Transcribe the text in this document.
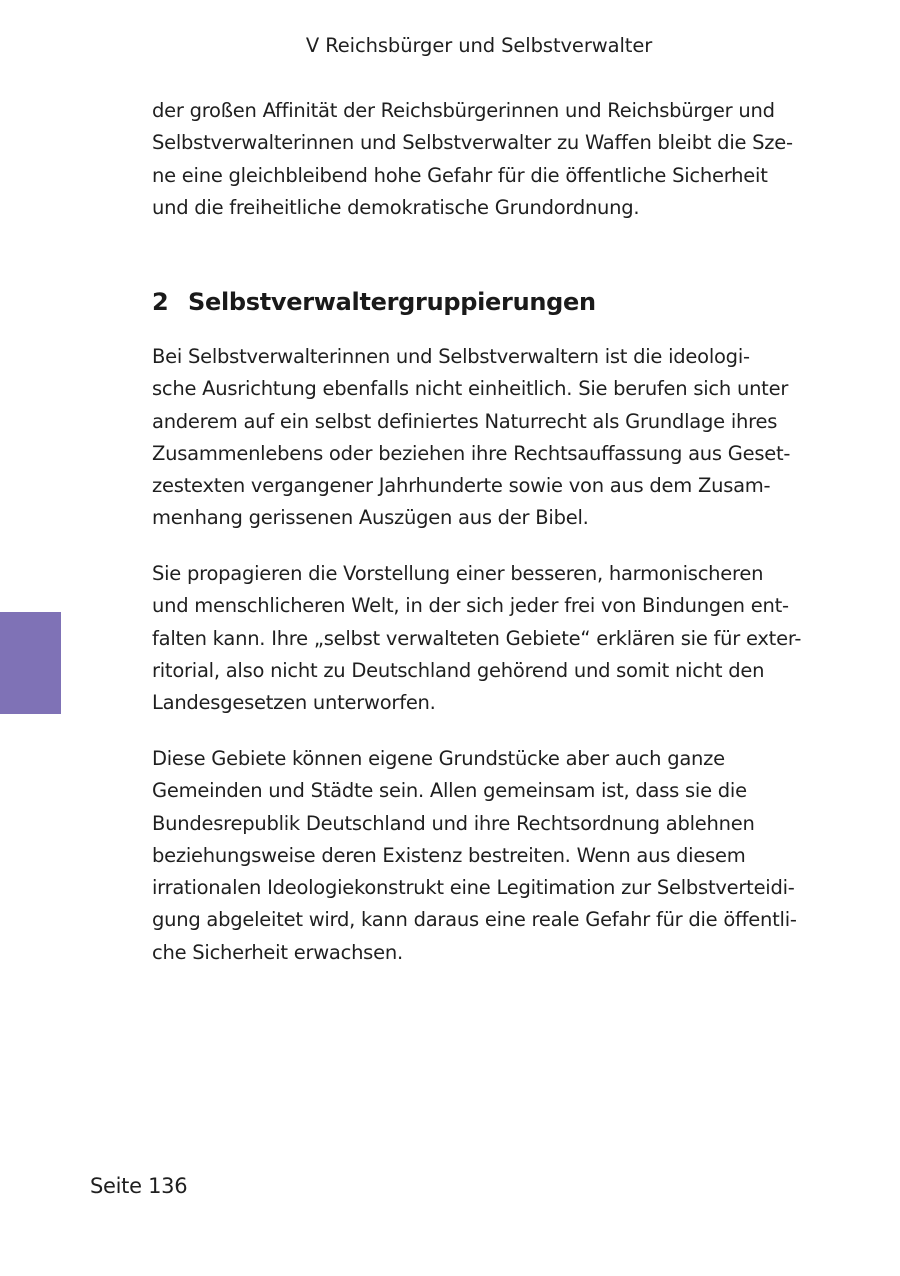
V Reichsbürger und Selbstverwalter
der großen Affinität der Reichsbürgerinnen und Reichsbürger und
Selbstverwalterinnen und Selbstverwalter zu Waffen bleibt die Sze-
ne eine gleichbleibend hohe Gefahr für die öffentliche Sicherheit
und die freiheitliche demokratische Grundordnung.
2 Selbstverwaltergruppierungen
Bei Selbstverwalterinnen und Selbstverwaltern ist die ideologi-
sche Ausrichtung ebenfalls nicht einheitlich. Sie berufen sich unter
anderem auf ein selbst definiertes Naturrecht als Grundlage ihres
Zusammenlebens oder beziehen ihre Rechtsauffassung aus Geset-
zestexten vergangener Jahrhunderte sowie von aus dem Zusam-
menhang gerissenen Auszügen aus der Bibel.
Sie propagieren die Vorstellung einer besseren, harmonischeren
und menschlicheren Welt, in der sich jeder frei von Bindungen ent-
falten kann. Ihre „selbst verwalteten Gebiete“ erklären sie für exter-
ritorial, also nicht zu Deutschland gehörend und somit nicht den
Landesgesetzen unterworfen.
Diese Gebiete können eigene Grundstücke aber auch ganze
Gemeinden und Städte sein. Allen gemeinsam ist, dass sie die
Bundesrepublik Deutschland und ihre Rechtsordnung ablehnen
beziehungsweise deren Existenz bestreiten. Wenn aus diesem
irrationalen Ideologiekonstrukt eine Legitimation zur Selbstverteidi-
gung abgeleitet wird, kann daraus eine reale Gefahr für die öffentli-
che Sicherheit erwachsen.
Seite 136
